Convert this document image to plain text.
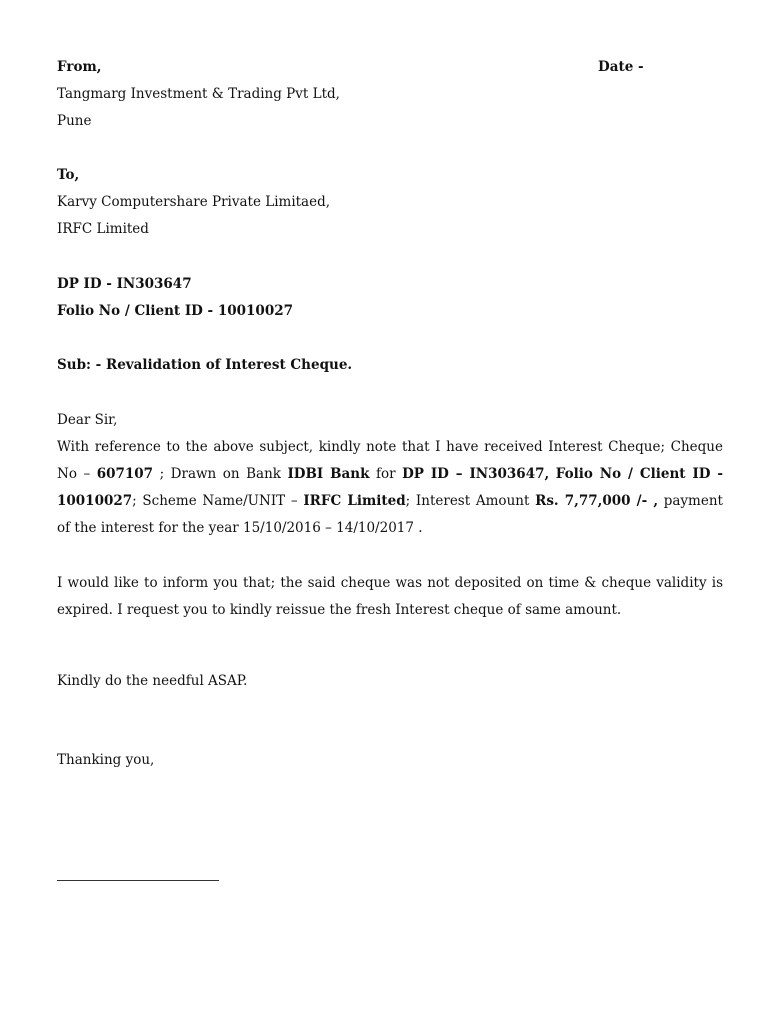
From,	Date -
Tangmarg Investment & Trading Pvt Ltd,
Pune
To,
Karvy Computershare Private Limitaed,
IRFC Limited
DP ID - IN303647
Folio No / Client ID - 10010027
Sub: - Revalidation of Interest Cheque.
Dear Sir,

With reference to the above subject, kindly note that I have received Interest Cheque; Cheque No – 607107 ; Drawn on Bank IDBI Bank for DP ID – IN303647, Folio No / Client ID - 10010027; Scheme Name/UNIT – IRFC Limited; Interest Amount Rs. 7,77,000 /- , payment of the interest for the year 15/10/2016 – 14/10/2017 .

I would like to inform you that; the said cheque was not deposited on time & cheque validity is expired. I request you to kindly reissue the fresh Interest cheque of same amount.

Kindly do the needful ASAP.
Thanking you,
